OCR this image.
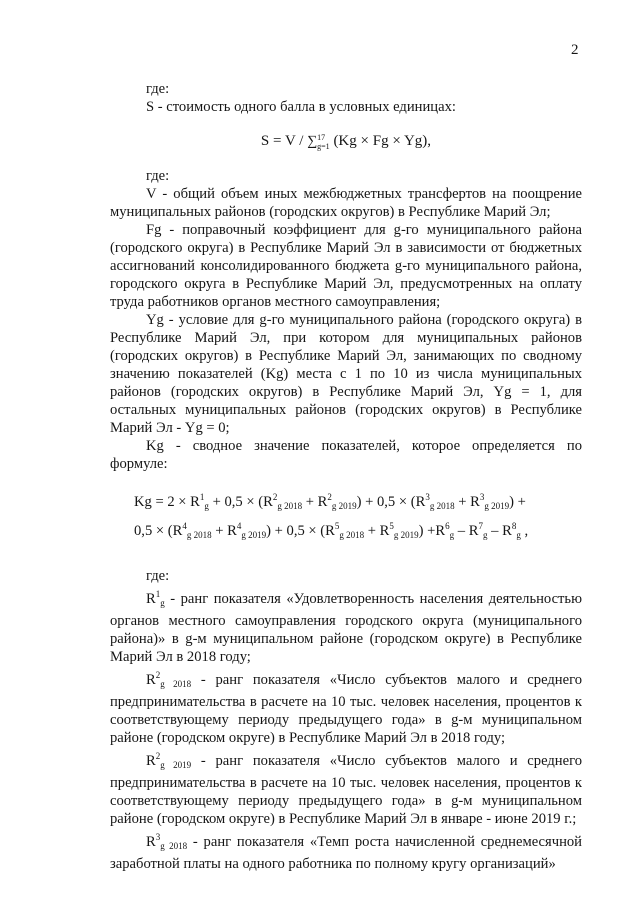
2

где:

S - стоимость одного балла в условных единицах:

S = V / ∑17
g=1 (Kg × Fg × Yg),

где:

V - общий объем иных межбюджетных трансфертов на поощрение муниципальных районов (городских округов) в Республике Марий Эл;

Fg - поправочный коэффициент для g-го муниципального района (городского округа) в Республике Марий Эл в зависимости от бюджетных ассигнований консолидированного бюджета g-го муниципального района, городского округа в Республике Марий Эл, предусмотренных на оплату труда работников органов местного самоуправления;

Yg - условие для g-го муниципального района (городского округа) в Республике Марий Эл, при котором для муниципальных районов (городских округов) в Республике Марий Эл, занимающих по сводному значению показателей (Kg) места с 1 по 10 из числа муниципальных районов (городских округов) в Республике Марий Эл, Yg = 1, для остальных муниципальных районов (городских округов) в Республике Марий Эл - Yg = 0;

Kg - сводное значение показателей, которое определяется по формуле:

$Kg = 2 \times R^1_g + 0,5 \times (R^2_{g 2018} + R^2_{g 2019}) + 0,5 \times (R^3_{g 2018} + R^3_{g 2019})$ +
$0,5 \times (R^4_{g 2018} + R^4_{g 2019}) + 0,5 \times (R^5_{g 2018} + R^5_{g 2019}) +R^6_g - R^7_g - R^8_g$ ,

где:

$R^1_g$ - ранг показателя «Удовлетворенность населения деятельностью органов местного самоуправления городского округа (муниципального района)» в g-м муниципальном районе (городском округе) в Республике Марий Эл в 2018 году;

$R^2_{g 2018}$ - ранг показателя «Число субъектов малого и среднего предпринимательства в расчете на 10 тыс. человек населения, процентов к соответствующему периоду предыдущего года» в g-м муниципальном районе (городском округе) в Республике Марий Эл в 2018 году;

$R^2_{g 2019}$ - ранг показателя «Число субъектов малого и среднего предпринимательства в расчете на 10 тыс. человек населения, процентов к соответствующему периоду предыдущего года» в g-м муниципальном районе (городском округе) в Республике Марий Эл в январе - июне 2019 г.;

$R^3_{g 2018}$ - ранг показателя «Темп роста начисленной среднемесячной заработной платы на одного работника по полному кругу организаций»
